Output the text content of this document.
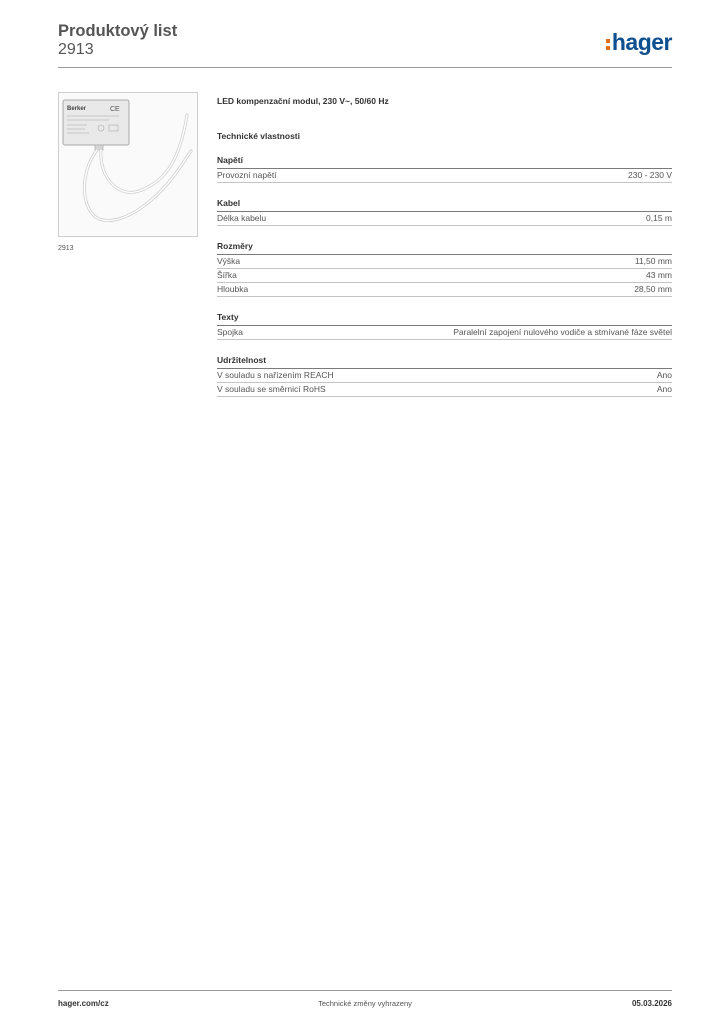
Produktový list
2913	hager
Berker	CE
2913
LED kompenzační modul, 230 V~, 50/60 Hz
Technické vlastnosti
Napětí
Provozní napětí	230 - 230 V
Kabel
Délka kabelu	0,15 m
Rozměry
Výška	11,50 mm
Šířka	43 mm
Hloubka	28,50 mm
Texty
Spojka	Paralelní zapojení nulového vodiče a stmívané fáze světel
Udržitelnost
V souladu s nařízením REACH	Ano
V souladu se směrnicí RoHS	Ano
hager.com/cz	Technické změny vyhrazeny	05.03.2026
